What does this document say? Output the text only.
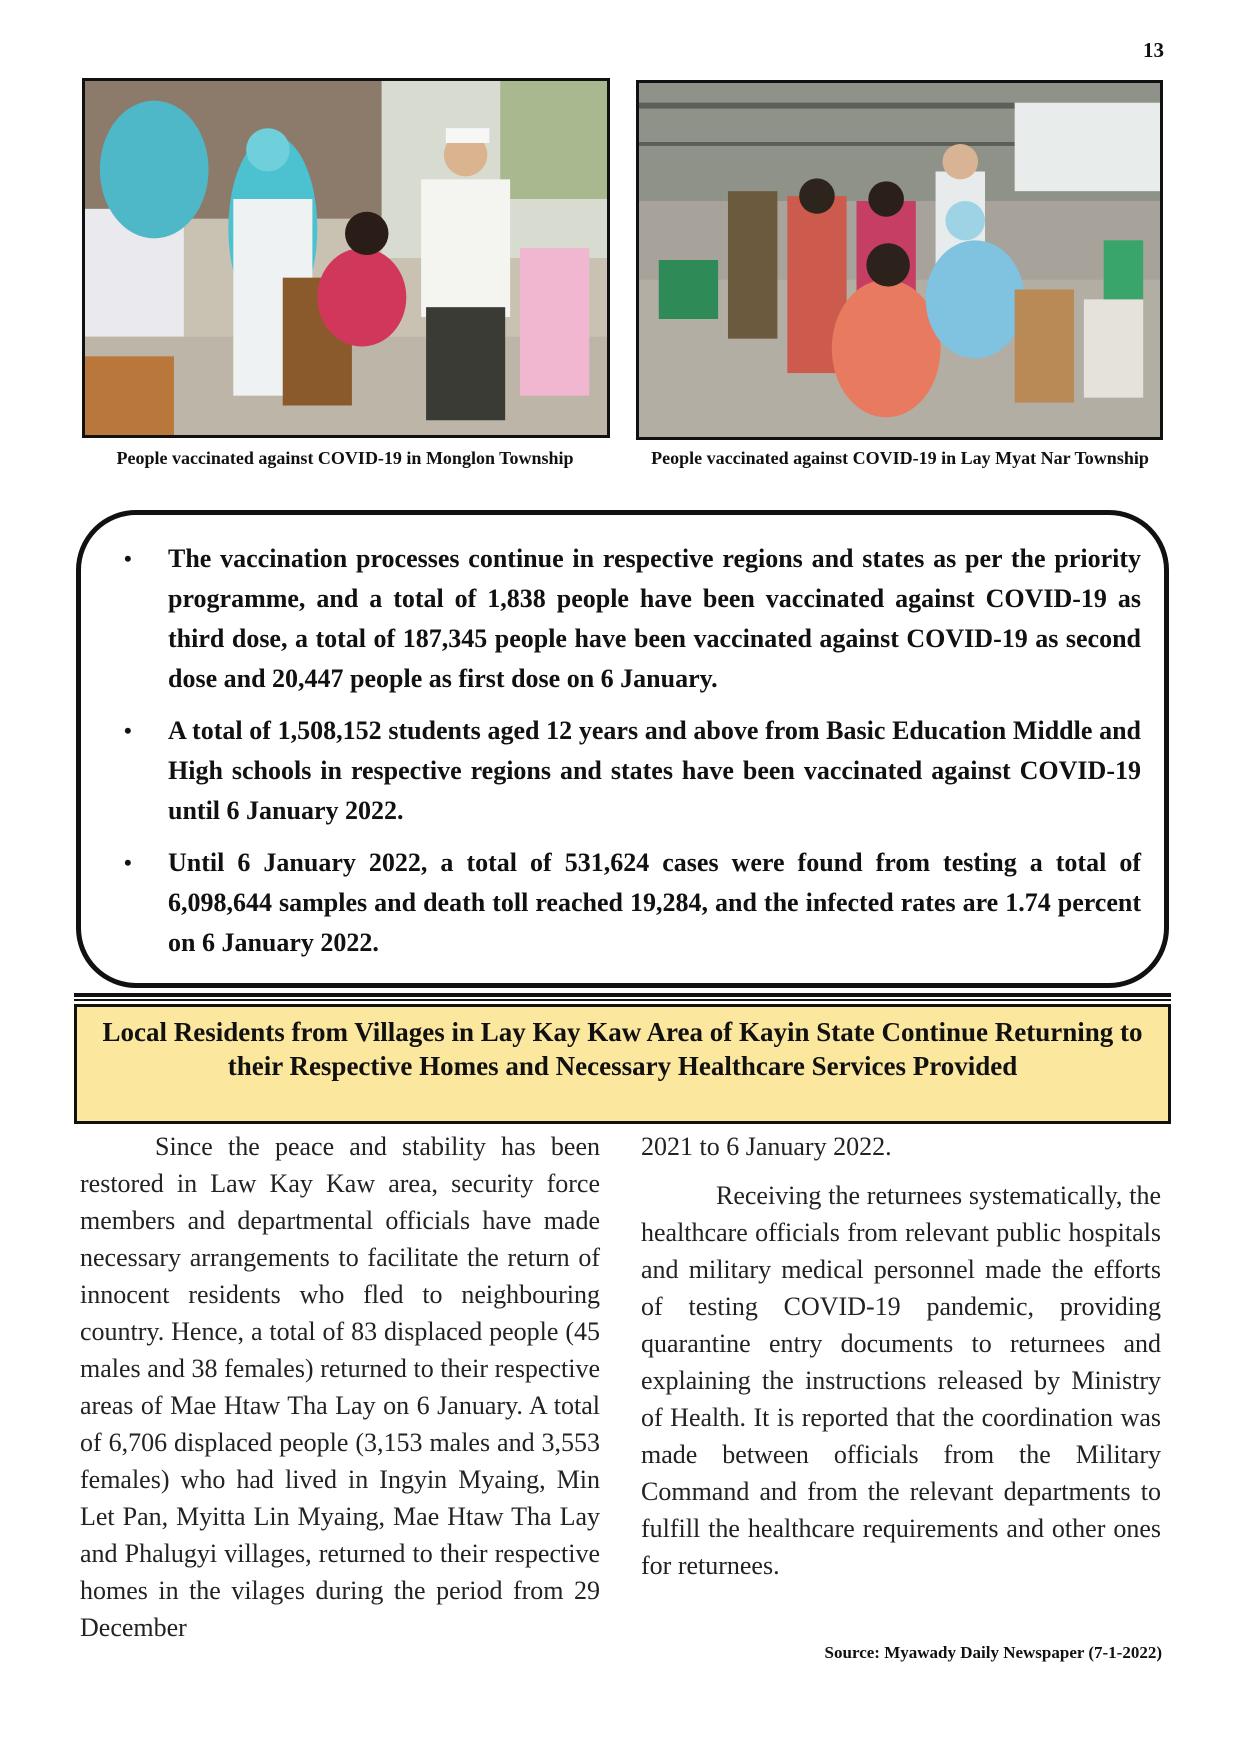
13
People vaccinated against COVID-19 in Monglon Township	People vaccinated against COVID-19 in Lay Myat Nar Township
• The vaccination processes continue in respective regions and states as per the priority programme, and a total of 1,838 people have been vaccinated against COVID-19 as third dose, a total of 187,345 people have been vaccinated against COVID-19 as second dose and 20,447 people as first dose on 6 January.
• A total of 1,508,152 students aged 12 years and above from Basic Education Middle and High schools in respective regions and states have been vaccinated against COVID-19 until 6 January 2022.
• Until 6 January 2022, a total of 531,624 cases were found from testing a total of 6,098,644 samples and death toll reached 19,284, and the infected rates are 1.74 percent on 6 January 2022.
Local Residents from Villages in Lay Kay Kaw Area of Kayin State Continue Returning to their Respective Homes and Necessary Healthcare Services Provided

Since the peace and stability has been restored in Law Kay Kaw area, security force members and departmental officials have made necessary arrangements to facilitate the return of innocent residents who fled to neighbouring country. Hence, a total of 83 displaced people (45 males and 38 females) returned to their respective areas of Mae Htaw Tha Lay on 6 January. A total of 6,706 displaced people (3,153 males and 3,553 females) who had lived in Ingyin Myaing, Min Let Pan, Myitta Lin Myaing, Mae Htaw Tha Lay and Phalugyi villages, returned to their respective homes in the vilages during the period from 29 December

2021 to 6 January 2022.

Receiving the returnees systematically, the healthcare officials from relevant public hospitals and military medical personnel made the efforts of testing COVID-19 pandemic, providing quarantine entry documents to returnees and explaining the instructions released by Ministry of Health. It is reported that the coordination was made between officials from the Military Command and from the relevant departments to fulfill the healthcare requirements and other ones for returnees.

Source: Myawady Daily Newspaper (7-1-2022)
